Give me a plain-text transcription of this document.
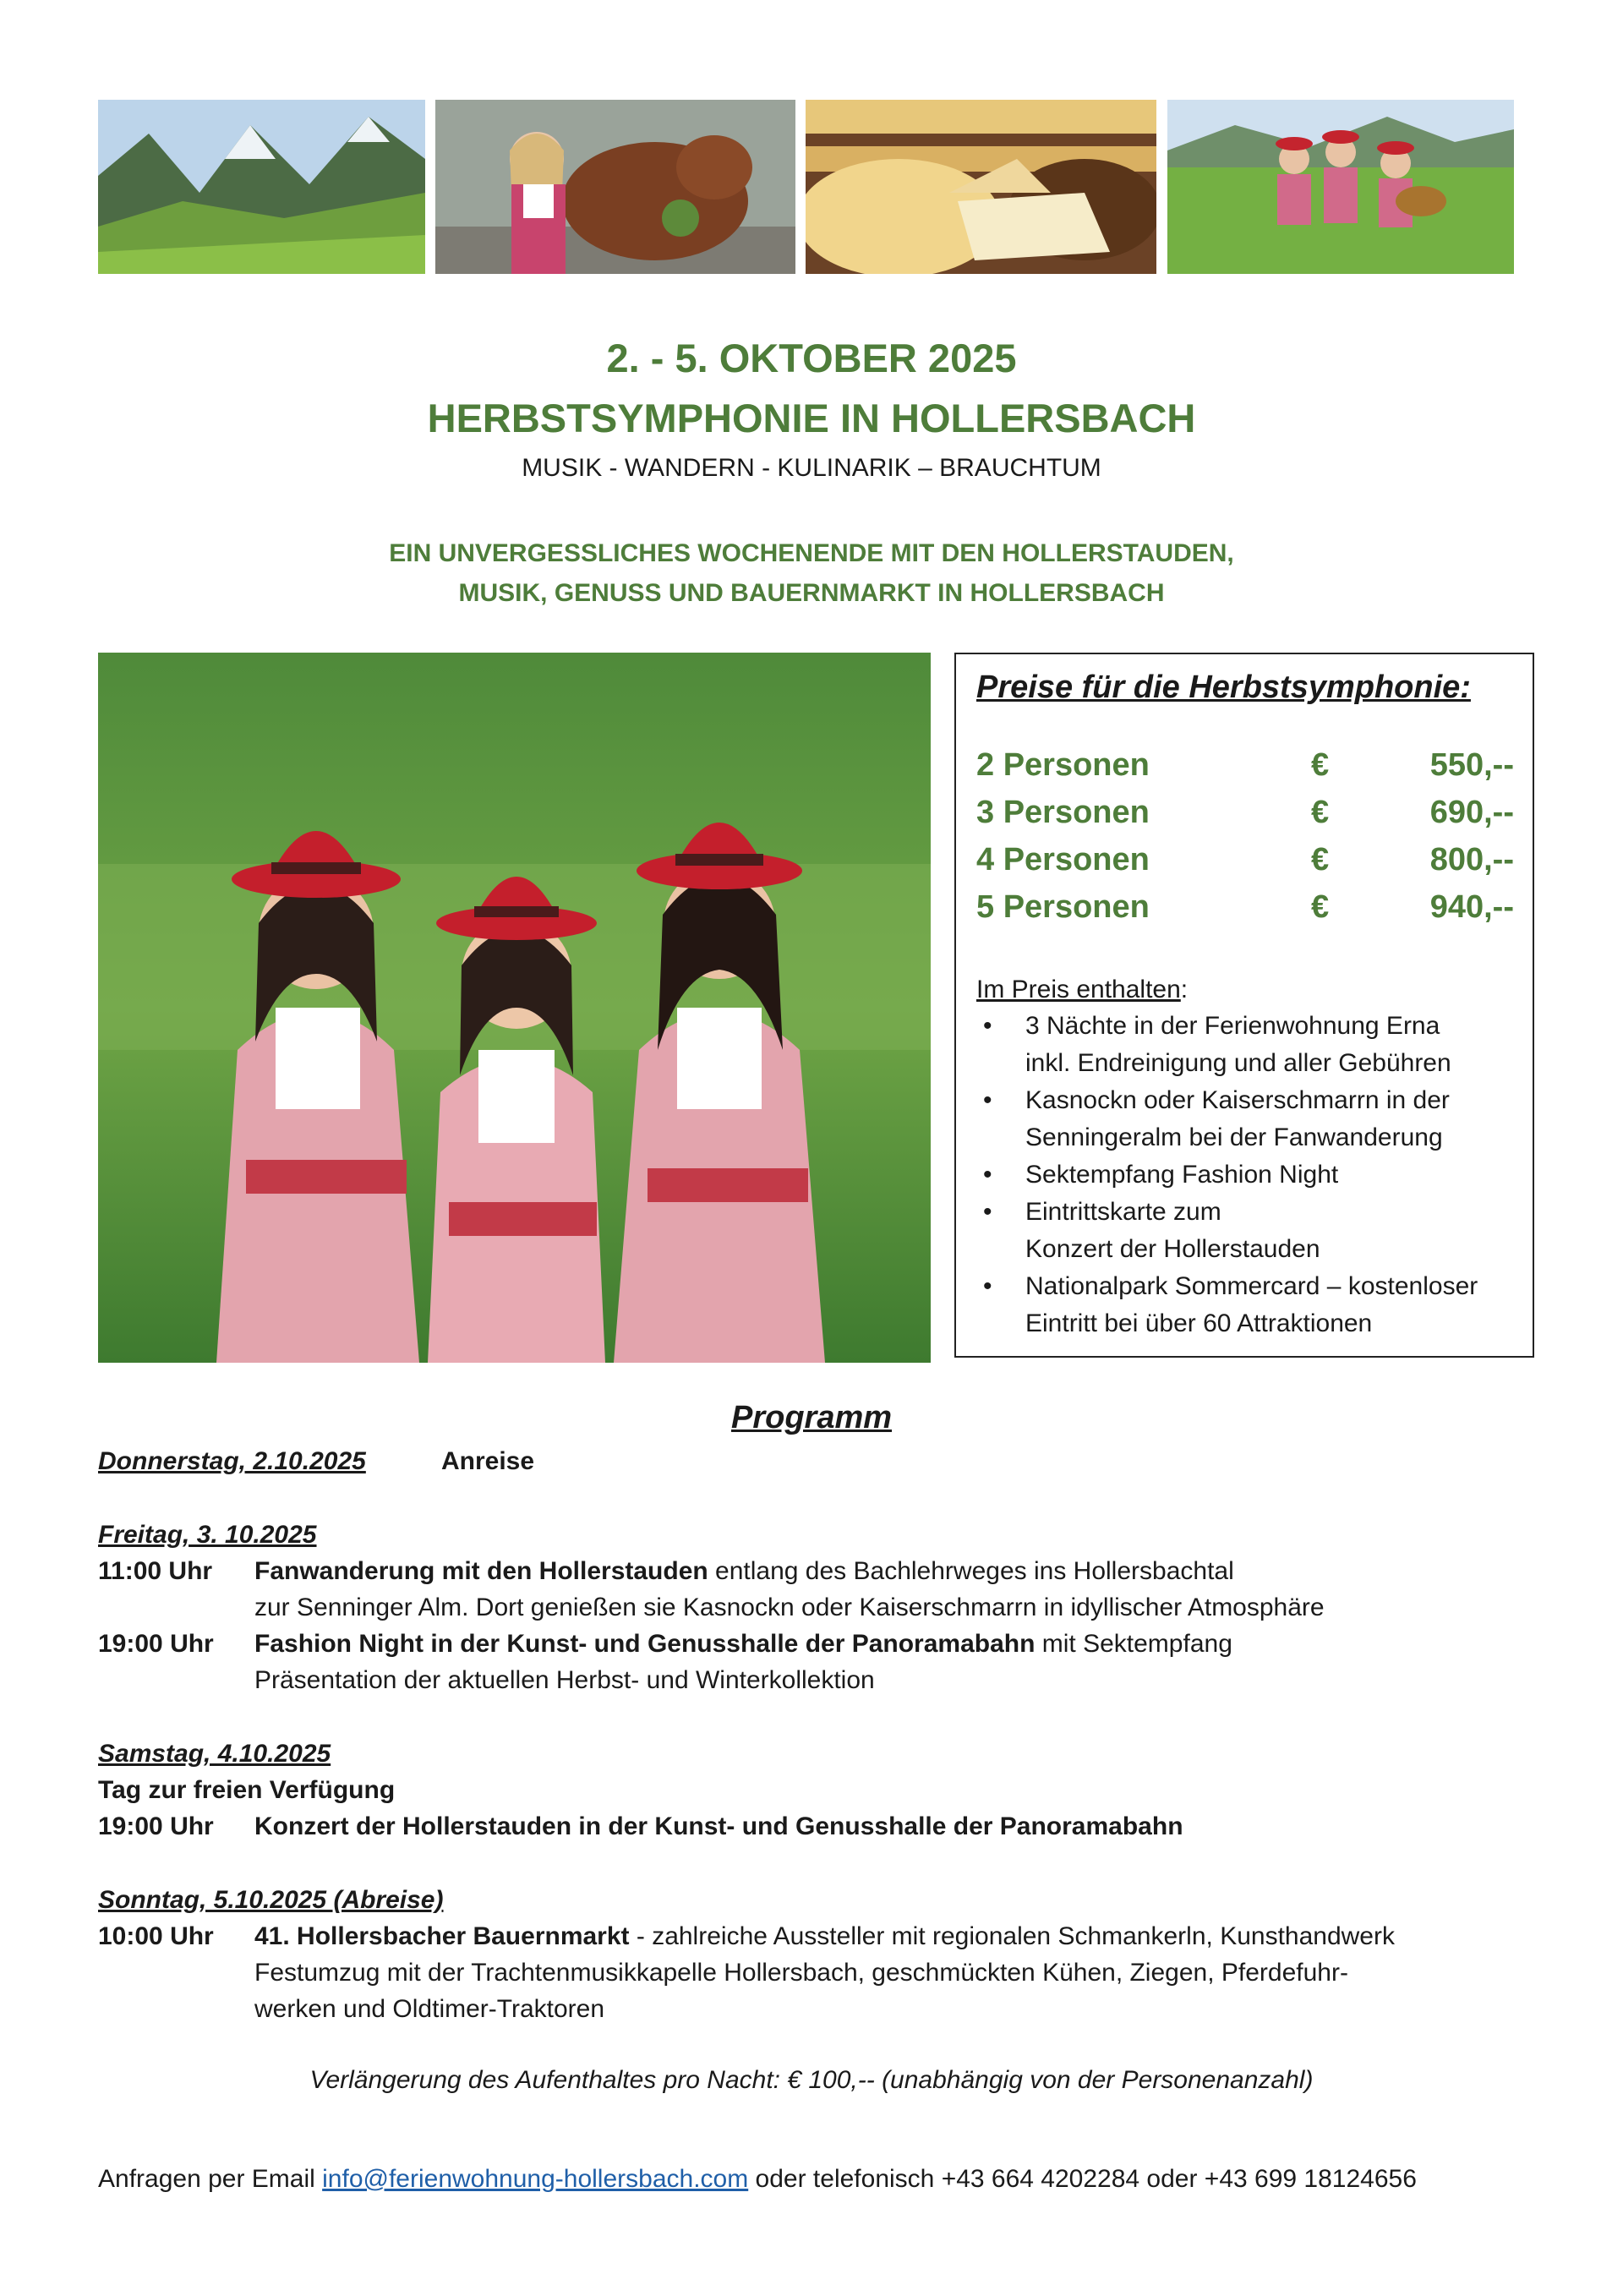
2. - 5. OKTOBER 2025
HERBSTSYMPHONIE IN HOLLERSBACH
MUSIK - WANDERN - KULINARIK – BRAUCHTUM
EIN UNVERGESSLICHES WOCHENENDE MIT DEN HOLLERSTAUDEN,
MUSIK, GENUSS UND BAUERNMARKT IN HOLLERSBACH
Preise für die Herbstsymphonie:
2 Personen	€	550,--
3 Personen	€	690,--
4 Personen	€	800,--
5 Personen	€	940,--
Im Preis enthalten:
• 3 Nächte in der Ferienwohnung Erna
inkl. Endreinigung und aller Gebühren
• Kasnockn oder Kaiserschmarrn in der
Senningeralm bei der Fanwanderung
• Sektempfang Fashion Night
• Eintrittskarte zum
Konzert der Hollerstauden
• Nationalpark Sommercard – kostenloser
Eintritt bei über 60 Attraktionen
Programm
Donnerstag, 2.10.2025	Anreise
Freitag, 3. 10.2025
11:00 Uhr Fanwanderung mit den Hollerstauden entlang des Bachlehrweges ins Hollersbachtal
zur Senninger Alm. Dort genießen sie Kasnockn oder Kaiserschmarrn in idyllischer Atmosphäre
19:00 Uhr Fashion Night in der Kunst- und Genusshalle der Panoramabahn mit Sektempfang
Präsentation der aktuellen Herbst- und Winterkollektion
Samstag, 4.10.2025
Tag zur freien Verfügung
19:00 Uhr Konzert der Hollerstauden in der Kunst- und Genusshalle der Panoramabahn
Sonntag, 5.10.2025 (Abreise)
10:00 Uhr 41. Hollersbacher Bauernmarkt - zahlreiche Aussteller mit regionalen Schmankerln, Kunsthandwerk
Festumzug mit der Trachtenmusikkapelle Hollersbach, geschmückten Kühen, Ziegen, Pferdefuhr-
werken und Oldtimer-Traktoren
Verlängerung des Aufenthaltes pro Nacht: € 100,-- (unabhängig von der Personenanzahl)
Anfragen per Email info@ferienwohnung-hollersbach.com oder telefonisch +43 664 4202284 oder +43 699 18124656
